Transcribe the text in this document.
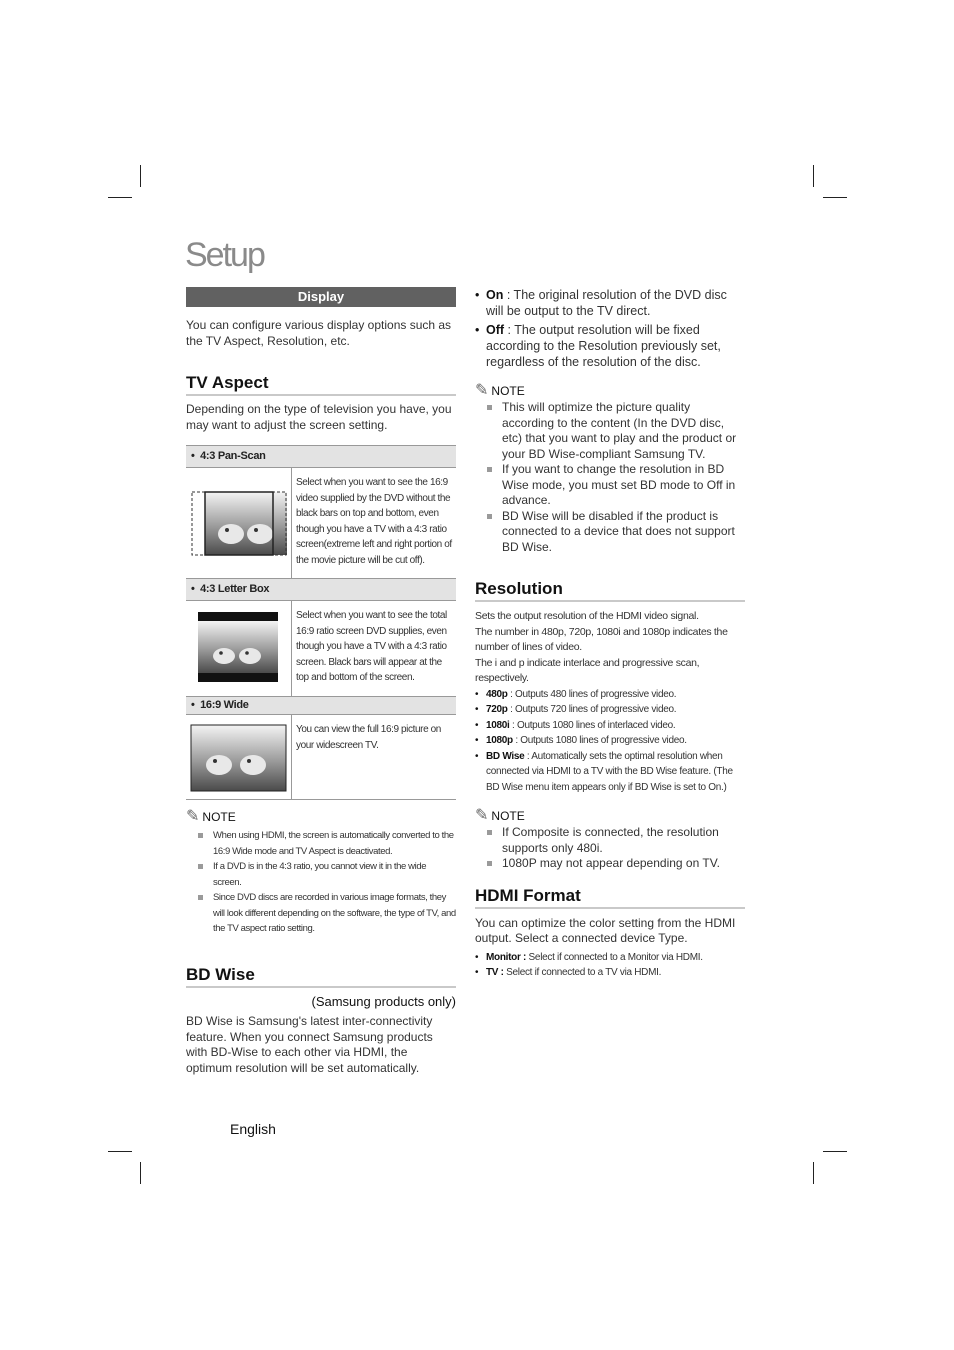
Setup
Display

You can configure various display options such as the TV Aspect, Resolution, etc.

TV Aspect

Depending on the type of television you have, you may want to adjust the screen setting.

•  4:3 Pan-Scan	

	Select when you want to see the 16:9 video supplied by the DVD without the black bars on top and bottom, even though you have a TV with a 4:3 ratio screen(extreme left and right portion of the movie picture will be cut off).
•  4:3 Letter Box	

	Select when you want to see the total 16:9 ratio screen DVD supplies, even though you have a TV with a 4:3 ratio screen. Black bars will appear at the top and bottom of the screen.
•  16:9 Wide	

	You can view the full 16:9 picture on your widescreen TV.
✎ NOTE
When using HDMI, the screen is automatically converted to the 16:9 Wide mode and TV Aspect is deactivated.
If a DVD is in the 4:3 ratio, you cannot view it in the wide screen.
Since DVD discs are recorded in various image formats, they will look different depending on the software, the type of TV, and the TV aspect ratio setting.
BD Wise

(Samsung products only)

BD Wise is Samsung's latest inter-connectivity feature. When you connect Samsung products with BD-Wise to each other via HDMI, the optimum resolution will be set automatically.

• On : The original resolution of the DVD disc will be output to the TV direct.
• Off : The output resolution will be fixed according to the Resolution previously set, regardless of the resolution of the disc.
✎ NOTE
This will optimize the picture quality according to the content (In the DVD disc, etc) that you want to play and the product or your BD Wise-compliant Samsung TV.
If you want to change the resolution in BD Wise mode, you must set BD mode to Off in advance.
BD Wise will be disabled if the product is connected to a device that does not support BD Wise.
Resolution

Sets the output resolution of the HDMI video signal.

The number in 480p, 720p, 1080i and 1080p indicates the number of lines of video.

The i and p indicate interlace and progressive scan, respectively.

• 480p : Outputs 480 lines of progressive video.
• 720p : Outputs 720 lines of progressive video.
• 1080i : Outputs 1080 lines of interlaced video.
• 1080p : Outputs 1080 lines of progressive video.
• BD Wise : Automatically sets the optimal resolution when connected via HDMI to a TV with the BD Wise feature. (The BD Wise menu item appears only if BD Wise is set to On.)
✎ NOTE
If Composite is connected, the resolution supports only 480i.
1080P may not appear depending on TV.
HDMI Format

You can optimize the color setting from the HDMI output. Select a connected device Type.

• Monitor : Select if connected to a Monitor via HDMI.
• TV : Select if connected to a TV via HDMI.
English
